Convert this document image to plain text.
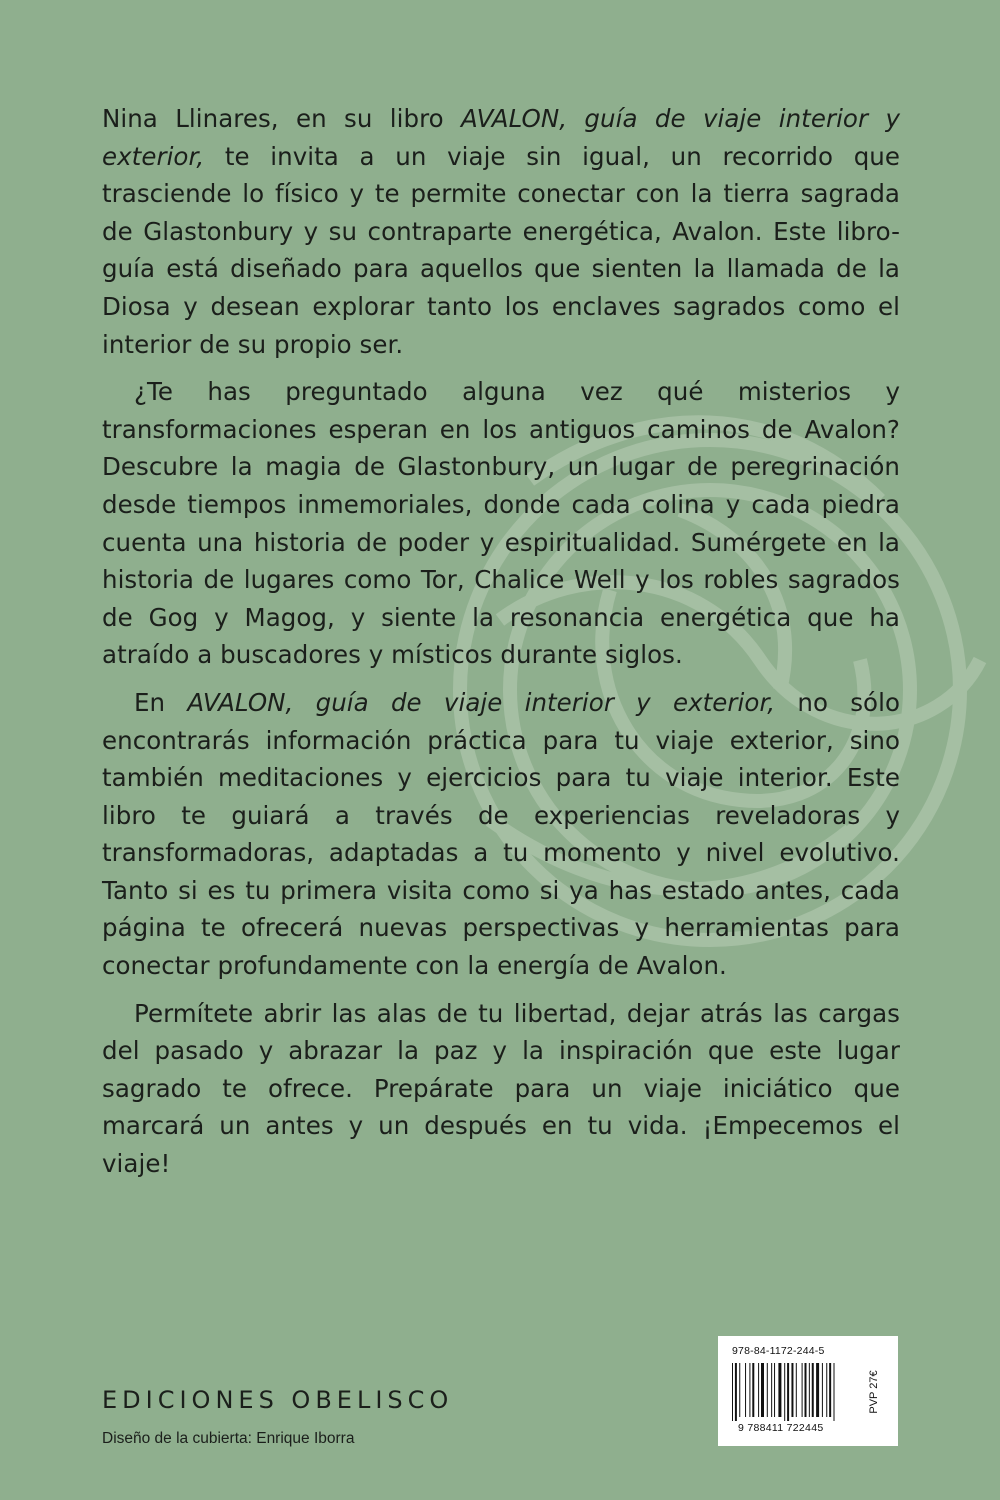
Nina Llinares, en su libro AVALON, guía de viaje interior y exterior, te invita a un viaje sin igual, un recorrido que trasciende lo físico y te permite conectar con la tierra sagrada de Glastonbury y su contraparte energética, Avalon. Este libro-guía está diseñado para aquellos que sienten la llamada de la Diosa y desean explorar tanto los enclaves sagrados como el interior de su propio ser.

¿Te has preguntado alguna vez qué misterios y transformaciones esperan en los antiguos caminos de Avalon? Descubre la magia de Glastonbury, un lugar de peregrinación desde tiempos inmemoriales, donde cada colina y cada piedra cuenta una historia de poder y espiritualidad. Sumérgete en la historia de lugares como Tor, Chalice Well y los robles sagrados de Gog y Magog, y siente la resonancia energética que ha atraído a buscadores y místicos durante siglos.

En AVALON, guía de viaje interior y exterior, no sólo encontrarás información práctica para tu viaje exterior, sino también meditaciones y ejercicios para tu viaje interior. Este libro te guiará a través de experiencias reveladoras y transformadoras, adaptadas a tu momento y nivel evolutivo. Tanto si es tu primera visita como si ya has estado antes, cada página te ofrecerá nuevas perspectivas y herramientas para conectar profundamente con la energía de Avalon.

Permítete abrir las alas de tu libertad, dejar atrás las cargas del pasado y abrazar la paz y la inspiración que este lugar sagrado te ofrece. Prepárate para un viaje iniciático que marcará un antes y un después en tu vida. ¡Empecemos el viaje!

EDICIONES OBELISCO
Diseño de la cubierta: Enrique Iborra
978-84-1172-244-5
9 788411 722445
PVP 27€
